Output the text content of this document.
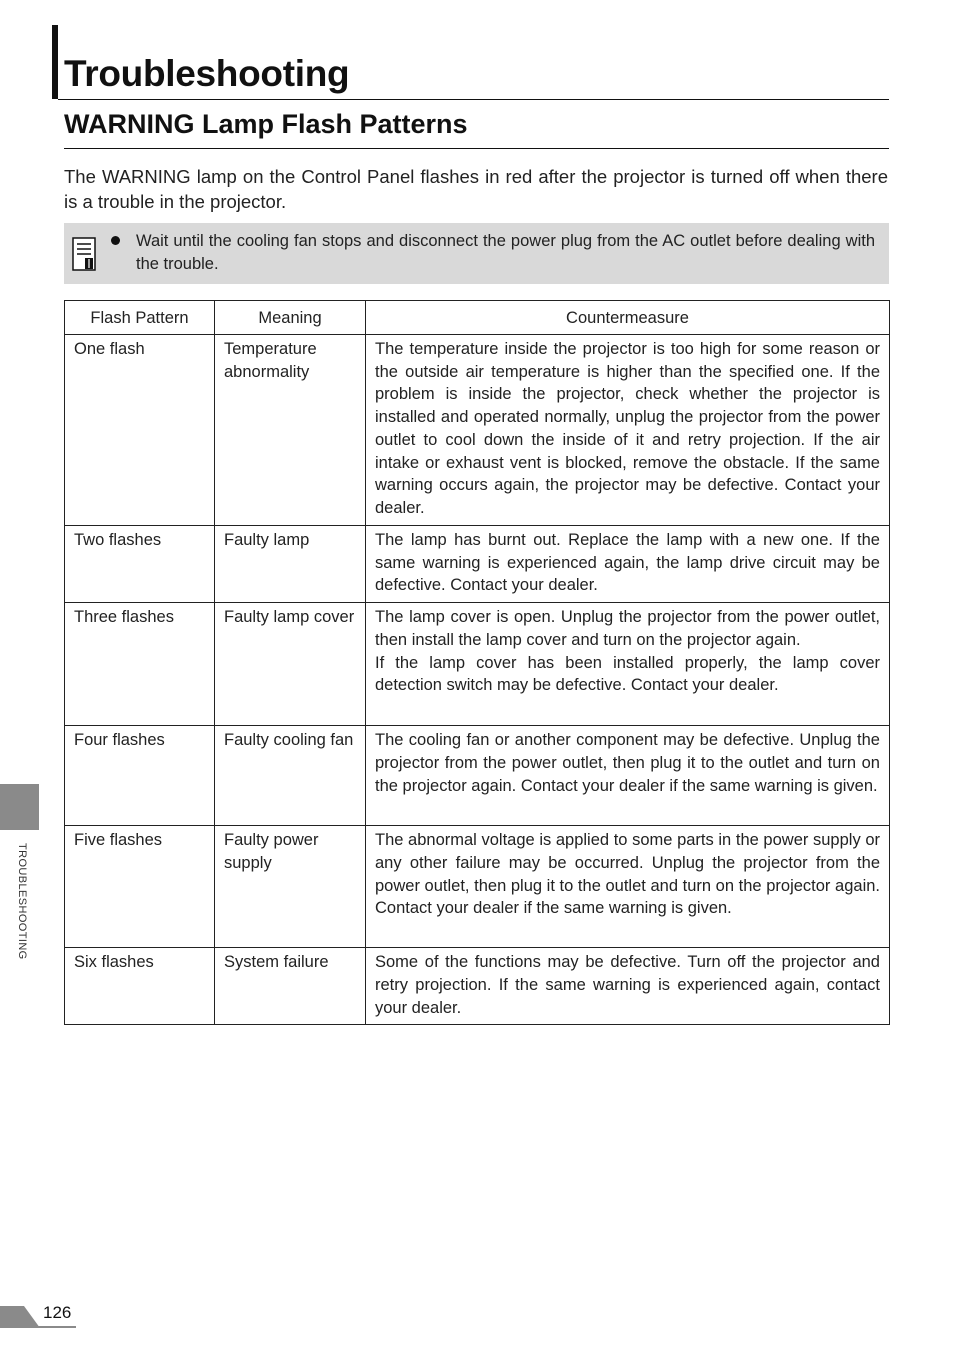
Troubleshooting
WARNING Lamp Flash Patterns

The WARNING lamp on the Control Panel flashes in red after the projector is turned off when there is a trouble in the projector.

Wait until the cooling fan stops and disconnect the power plug from the AC outlet before dealing with the trouble.

Flash Pattern	Meaning	Countermeasure
One flash	Temperature abnormality	The temperature inside the projector is too high for some reason or the outside air temperature is higher than the specified one. If the problem is inside the projector, check whether the projector is installed and operated normally, unplug the projector from the power outlet to cool down the inside of it and retry projection. If the air intake or exhaust vent is blocked, remove the obstacle. If the same warning occurs again, the projector may be defective. Contact your dealer.
Two flashes	Faulty lamp	The lamp has burnt out. Replace the lamp with a new one. If the same warning is experienced again, the lamp drive circuit may be defective. Contact your dealer.
Three flashes	Faulty lamp cover	The lamp cover is open. Unplug the projector from the power outlet, then install the lamp cover and turn on the projector again.
If the lamp cover has been installed properly, the lamp cover detection switch may be defective. Contact your dealer.

Four flashes	Faulty cooling fan	The cooling fan or another component may be defective. Unplug the projector from the power outlet, then plug it to the outlet and turn on the projector again. Contact your dealer if the same warning is given.
Five flashes	Faulty power supply	The abnormal voltage is applied to some parts in the power supply or any other failure may be occurred. Unplug the projector from the power outlet, then plug it to the outlet and turn on the projector again. Contact your dealer if the same warning is given.
Six flashes	System failure	Some of the functions may be defective. Turn off the projector and retry projection. If the same warning is experienced again, contact your dealer.
TROUBLESHOOTING
126
